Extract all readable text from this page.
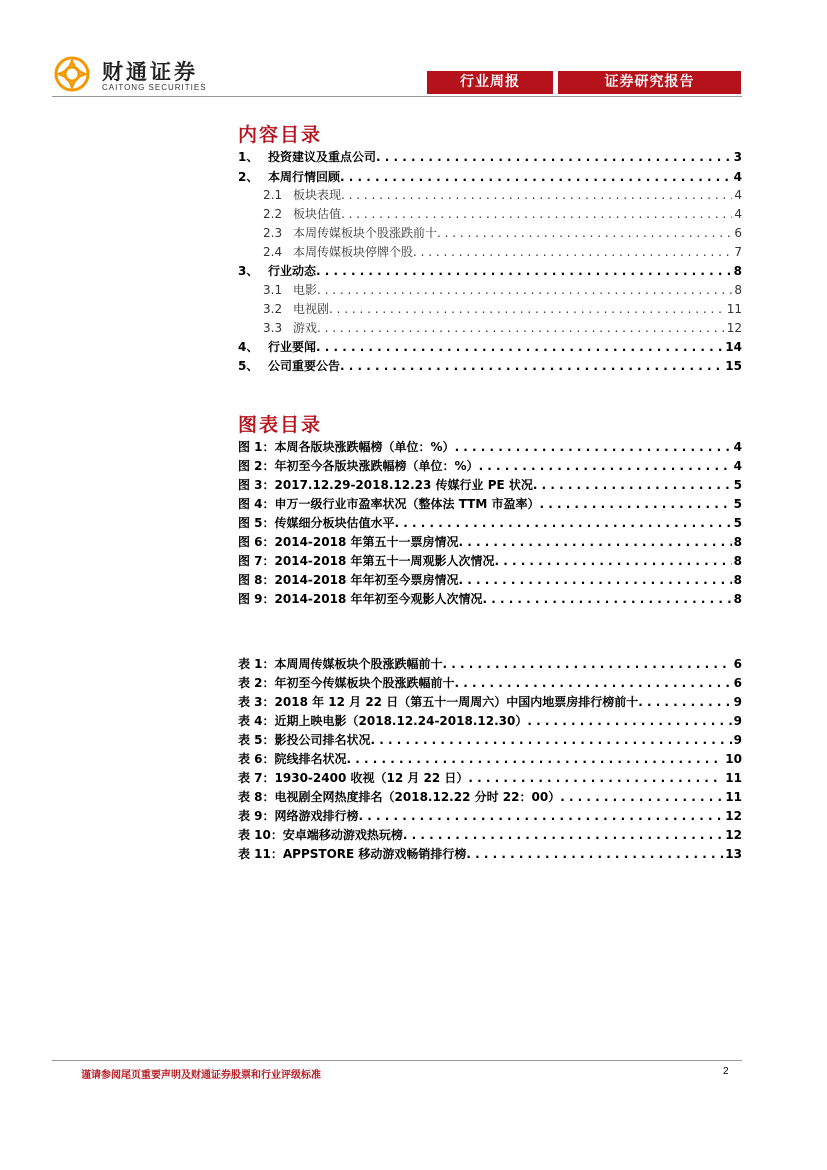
财通证券
CAITONG SECURITIES	行业周报	证券研究报告
内容目录
1、 投资建议及重点公司 . . .	3
2、 本周行情回顾 . . .	4
2.1 板块表现 . . .	4
2.2 板块估值 . . .	4
2.3 本周传媒板块个股涨跌前十 . . .	6
2.4 本周传媒板块停牌个股 . . .	7
3、 行业动态 . . .	8
3.1 电影 . . .	8
3.2 电视剧 . . .	11
3.3 游戏 . . .	12
4、 行业要闻 . . .	14
5、 公司重要公告 . . .	15
图表目录
图 1：本周各版块涨跌幅榜（单位：%） . . .	4
图 2：年初至今各版块涨跌幅榜（单位：%） . . .	4
图 3：2017.12.29-2018.12.23 传媒行业 PE 状况 . . .	5
图 4：申万一级行业市盈率状况（整体法 TTM 市盈率） . . .	5
图 5：传媒细分板块估值水平 . . .	5
图 6：2014-2018 年第五十一票房情况 . . .	8
图 7：2014-2018 年第五十一周观影人次情况 . . .	8
图 8：2014-2018 年年初至今票房情况 . . .	8
图 9：2014-2018 年年初至今观影人次情况 . . .	8
表 1：本周周传媒板块个股涨跌幅前十 . . .	6
表 2：年初至今传媒板块个股涨跌幅前十 . . .	6
表 3：2018 年 12 月 22 日（第五十一周周六）中国内地票房排行榜前十 . . .	9
表 4：近期上映电影（2018.12.24-2018.12.30） . . .	9
表 5：影投公司排名状况 . . .	9
表 6：院线排名状况 . . .	10
表 7：1930-2400 收视（12 月 22 日） . . .	11
表 8：电视剧全网热度排名（2018.12.22 分时 22：00） . . .	11
表 9：网络游戏排行榜 . . .	12
表 10：安卓端移动游戏热玩榜 . . .	12
表 11：APPSTORE 移动游戏畅销排行榜 . . .	13
谨请参阅尾页重要声明及财通证券股票和行业评级标准	2
